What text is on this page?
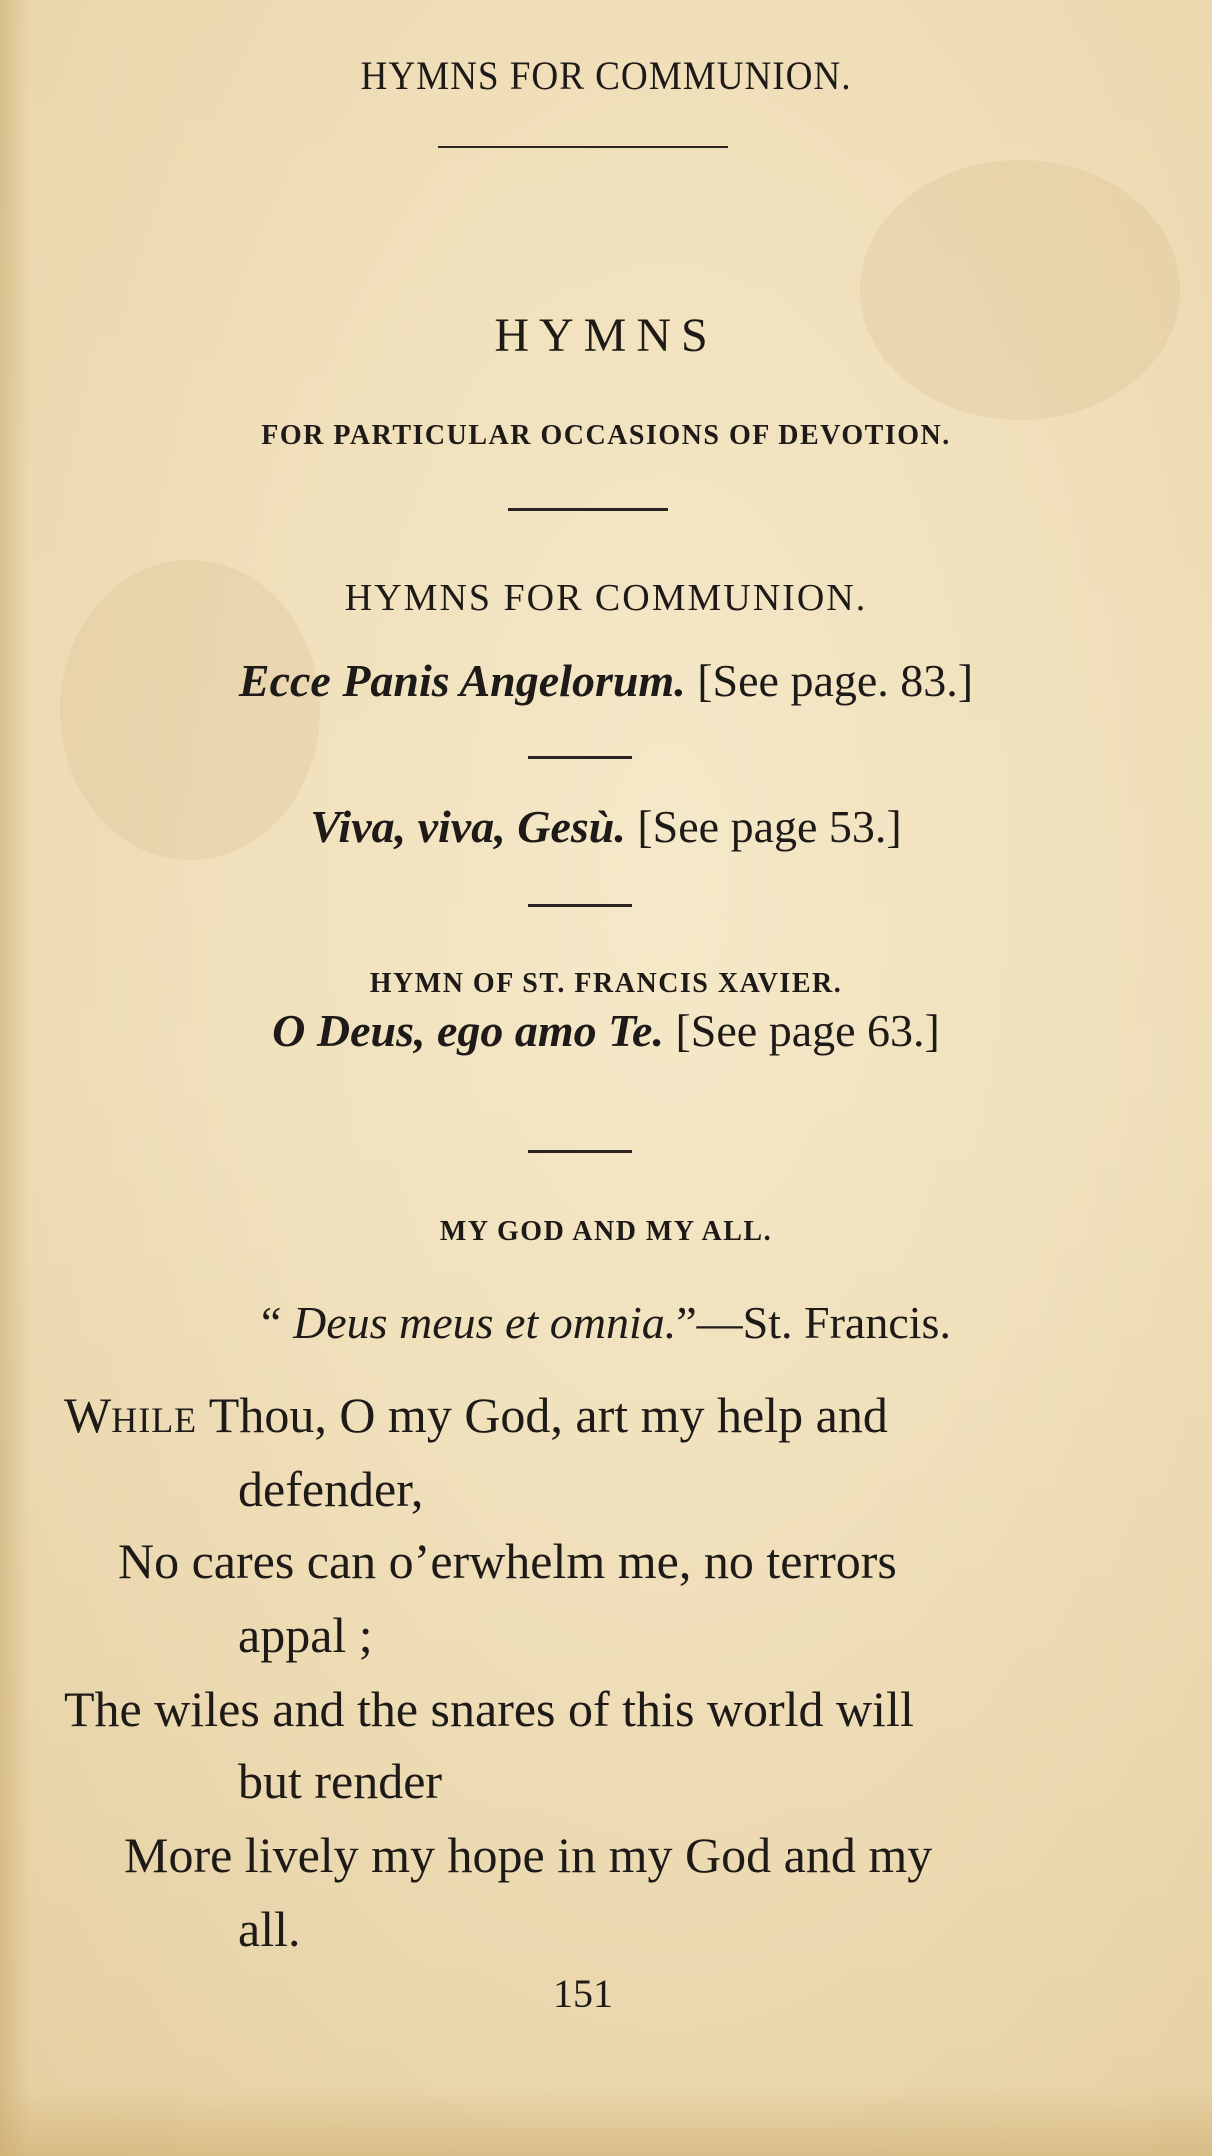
HYMNS FOR COMMUNION.
HYMNS
FOR PARTICULAR OCCASIONS OF DEVOTION.
HYMNS FOR COMMUNION.
Ecce Panis Angelorum. [See page. 83.]
Viva, viva, Gesù. [See page 53.]
HYMN OF ST. FRANCIS XAVIER.
O Deus, ego amo Te. [See page 63.]
MY GOD AND MY ALL.
“ Deus meus et omnia.”—St. Francis.
WHILE Thou, O my God, art my help and
defender,
No cares can o’erwhelm me, no terrors
appal ;
The wiles and the snares of this world will
but render
More lively my hope in my God and my
all.
151
